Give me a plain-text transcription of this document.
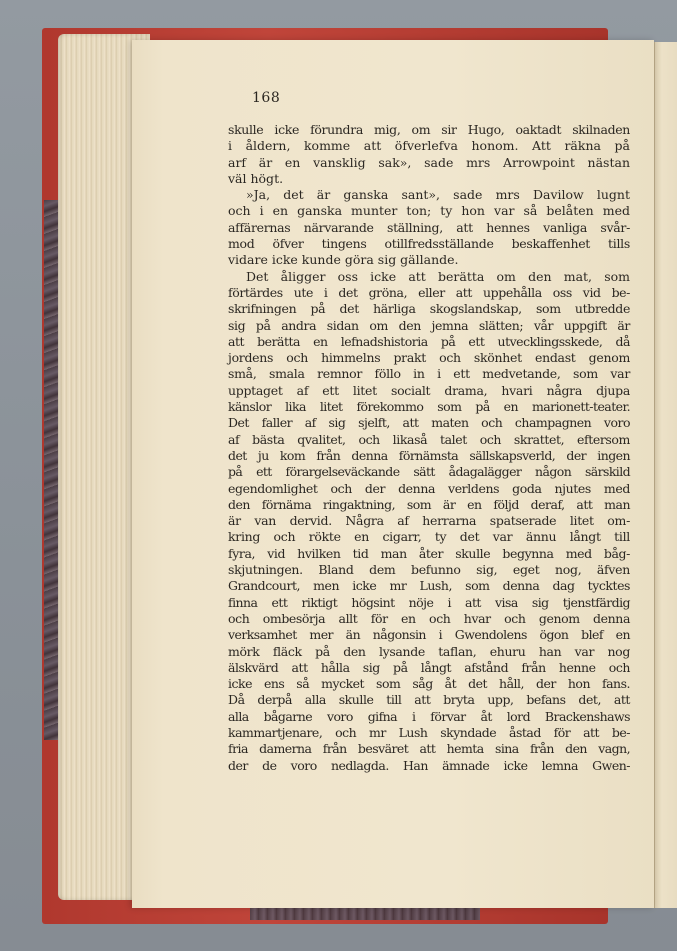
168
skulle icke förundra mig, om sir Hugo, oaktadt skilnaden
i åldern, komme att öfverlefva honom. Att räkna på
arf är en vansklig sak», sade mrs Arrowpoint nästan
väl högt.
»Ja, det är ganska sant», sade mrs Davilow lugnt
och i en ganska munter ton; ty hon var så belåten med
affärernas närvarande ställning, att hennes vanliga svår-
mod öfver tingens otillfredsställande beskaffenhet tills
vidare icke kunde göra sig gällande.
Det åligger oss icke att berätta om den mat, som
förtärdes ute i det gröna, eller att uppehålla oss vid be-
skrifningen på det härliga skogslandskap, som utbredde
sig på andra sidan om den jemna slätten; vår uppgift är
att berätta en lefnadshistoria på ett utvecklingsskede, då
jordens och himmelns prakt och skönhet endast genom
små, smala remnor föllo in i ett medvetande, som var
upptaget af ett litet socialt drama, hvari några djupa
känslor lika litet förekommo som på en marionett-teater.
Det faller af sig sjelft, att maten och champagnen voro
af bästa qvalitet, och likaså talet och skrattet, eftersom
det ju kom från denna förnämsta sällskapsverld, der ingen
på ett förargelseväckande sätt ådagalägger någon särskild
egendomlighet och der denna verldens goda njutes med
den förnäma ringaktning, som är en följd deraf, att man
är van dervid. Några af herrarna spatserade litet om-
kring och rökte en cigarr, ty det var ännu långt till
fyra, vid hvilken tid man åter skulle begynna med båg-
skjutningen. Bland dem befunno sig, eget nog, äfven
Grandcourt, men icke mr Lush, som denna dag tycktes
finna ett riktigt högsint nöje i att visa sig tjenstfärdig
och ombesörja allt för en och hvar och genom denna
verksamhet mer än någonsin i Gwendolens ögon blef en
mörk fläck på den lysande taflan, ehuru han var nog
älskvärd att hålla sig på långt afstånd från henne och
icke ens så mycket som såg åt det håll, der hon fans.
Då derpå alla skulle till att bryta upp, befans det, att
alla bågarne voro gifna i förvar åt lord Brackenshaws
kammartjenare, och mr Lush skyndade åstad för att be-
fria damerna från besväret att hemta sina från den vagn,
der de voro nedlagda. Han ämnade icke lemna Gwen-
